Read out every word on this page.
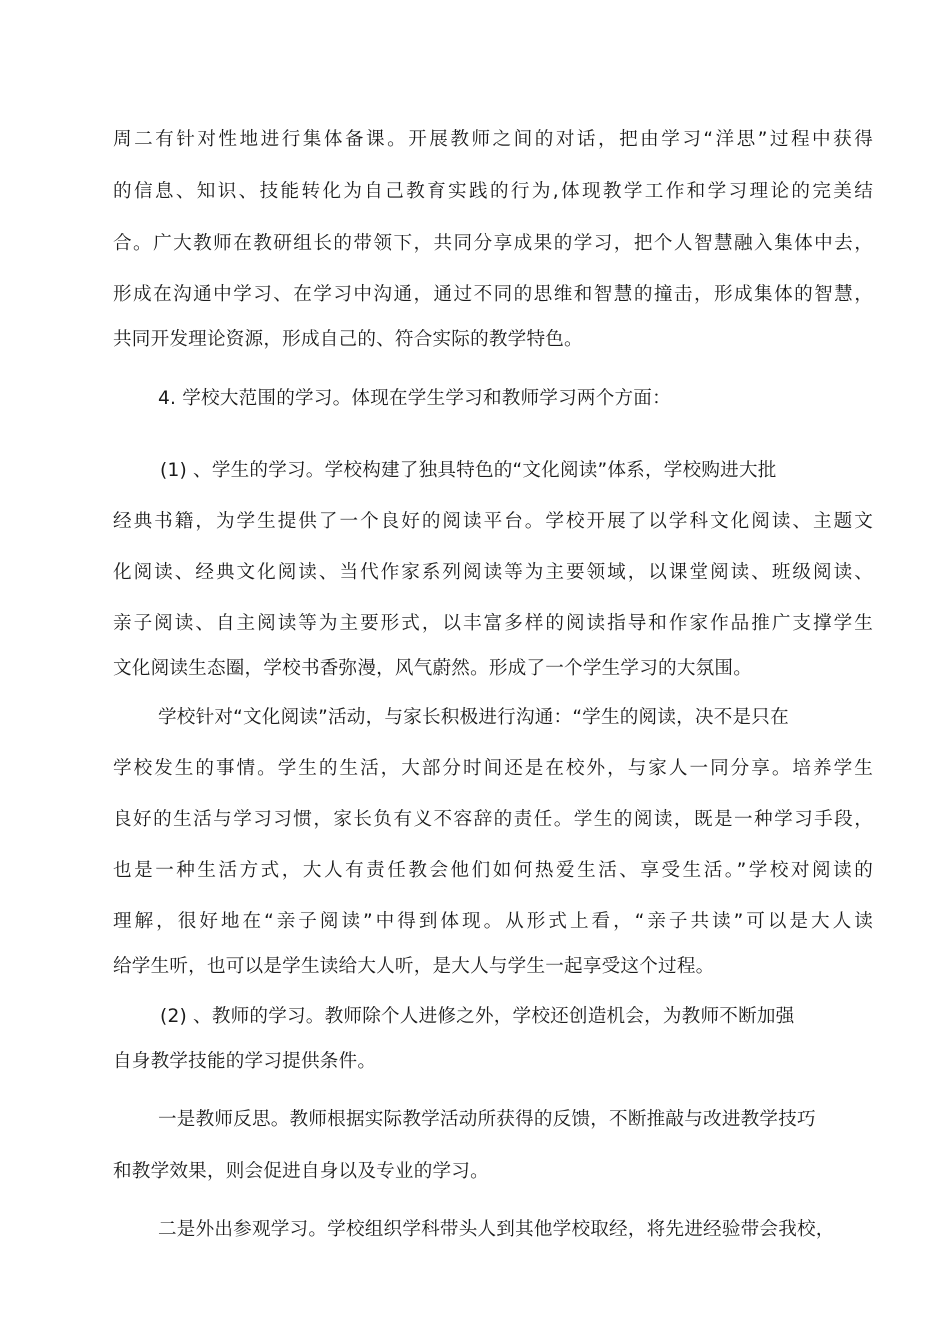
周二有针对性地进行集体备课。开展教师之间的对话，把由学习“洋思”过程中获得
的信息、知识、技能转化为自己教育实践的行为,体现教学工作和学习理论的完美结
合。广大教师在教研组长的带领下，共同分享成果的学习，把个人智慧融入集体中去，
形成在沟通中学习、在学习中沟通，通过不同的思维和智慧的撞击，形成集体的智慧，
共同开发理论资源，形成自己的、符合实际的教学特色。
4. 学校大范围的学习。体现在学生学习和教师学习两个方面：
(1) 、学生的学习。学校构建了独具特色的“文化阅读”体系，学校购进大批
经典书籍，为学生提供了一个良好的阅读平台。学校开展了以学科文化阅读、主题文
化阅读、经典文化阅读、当代作家系列阅读等为主要领域，以课堂阅读、班级阅读、
亲子阅读、自主阅读等为主要形式，以丰富多样的阅读指导和作家作品推广支撑学生
文化阅读生态圈，学校书香弥漫，风气蔚然。形成了一个学生学习的大氛围。
学校针对“文化阅读”活动，与家长积极进行沟通：“学生的阅读，决不是只在
学校发生的事情。学生的生活，大部分时间还是在校外，与家人一同分享。培养学生
良好的生活与学习习惯，家长负有义不容辞的责任。学生的阅读，既是一种学习手段，
也是一种生活方式，大人有责任教会他们如何热爱生活、享受生活。”学校对阅读的
理解，很好地在“亲子阅读”中得到体现。从形式上看，“亲子共读”可以是大人读
给学生听，也可以是学生读给大人听，是大人与学生一起享受这个过程。
(2) 、教师的学习。教师除个人进修之外，学校还创造机会，为教师不断加强
自身教学技能的学习提供条件。
一是教师反思。教师根据实际教学活动所获得的反馈，不断推敲与改进教学技巧
和教学效果，则会促进自身以及专业的学习。
二是外出参观学习。学校组织学科带头人到其他学校取经，将先进经验带会我校，
